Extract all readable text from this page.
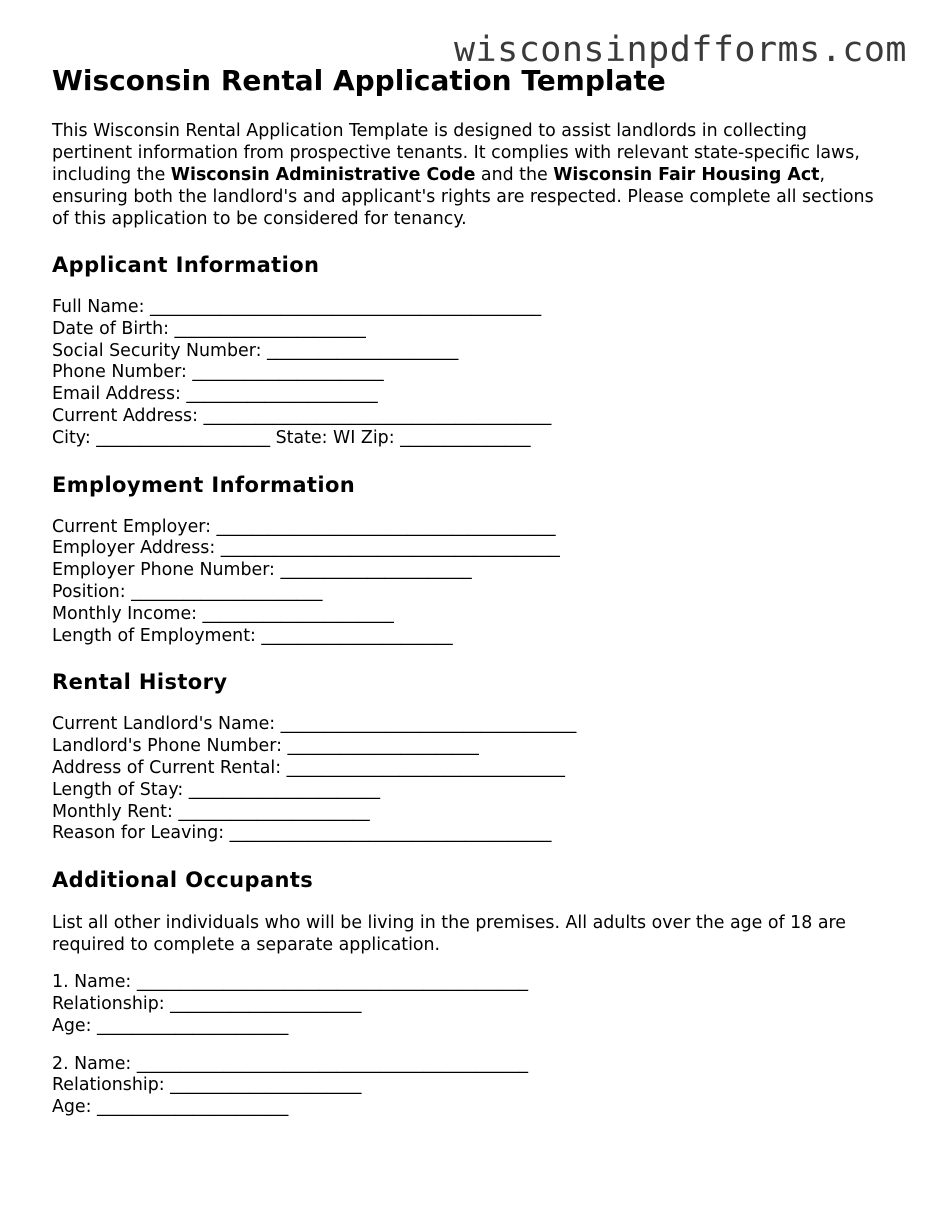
wisconsinpdfforms.com
Wisconsin Rental Application Template

This Wisconsin Rental Application Template is designed to assist landlords in collecting pertinent information from prospective tenants. It complies with relevant state-specific laws, including the Wisconsin Administrative Code and the Wisconsin Fair Housing Act, ensuring both the landlord's and applicant's rights are respected. Please complete all sections of this application to be considered for tenancy.

Applicant Information
Full Name: _____________________________________________
Date of Birth: ______________________
Social Security Number: ______________________
Phone Number: ______________________
Email Address: ______________________
Current Address: ________________________________________
City: ____________________ State: WI Zip: _______________
Employment Information
Current Employer: _______________________________________
Employer Address: _______________________________________
Employer Phone Number: ______________________
Position: ______________________
Monthly Income: ______________________
Length of Employment: ______________________
Rental History
Current Landlord's Name: __________________________________
Landlord's Phone Number: ______________________
Address of Current Rental: ________________________________
Length of Stay: ______________________
Monthly Rent: ______________________
Reason for Leaving: _____________________________________
Additional Occupants

List all other individuals who will be living in the premises. All adults over the age of 18 are required to complete a separate application.

1. Name: _____________________________________________
Relationship: ______________________
Age: ______________________
2. Name: _____________________________________________
Relationship: ______________________
Age: ______________________
